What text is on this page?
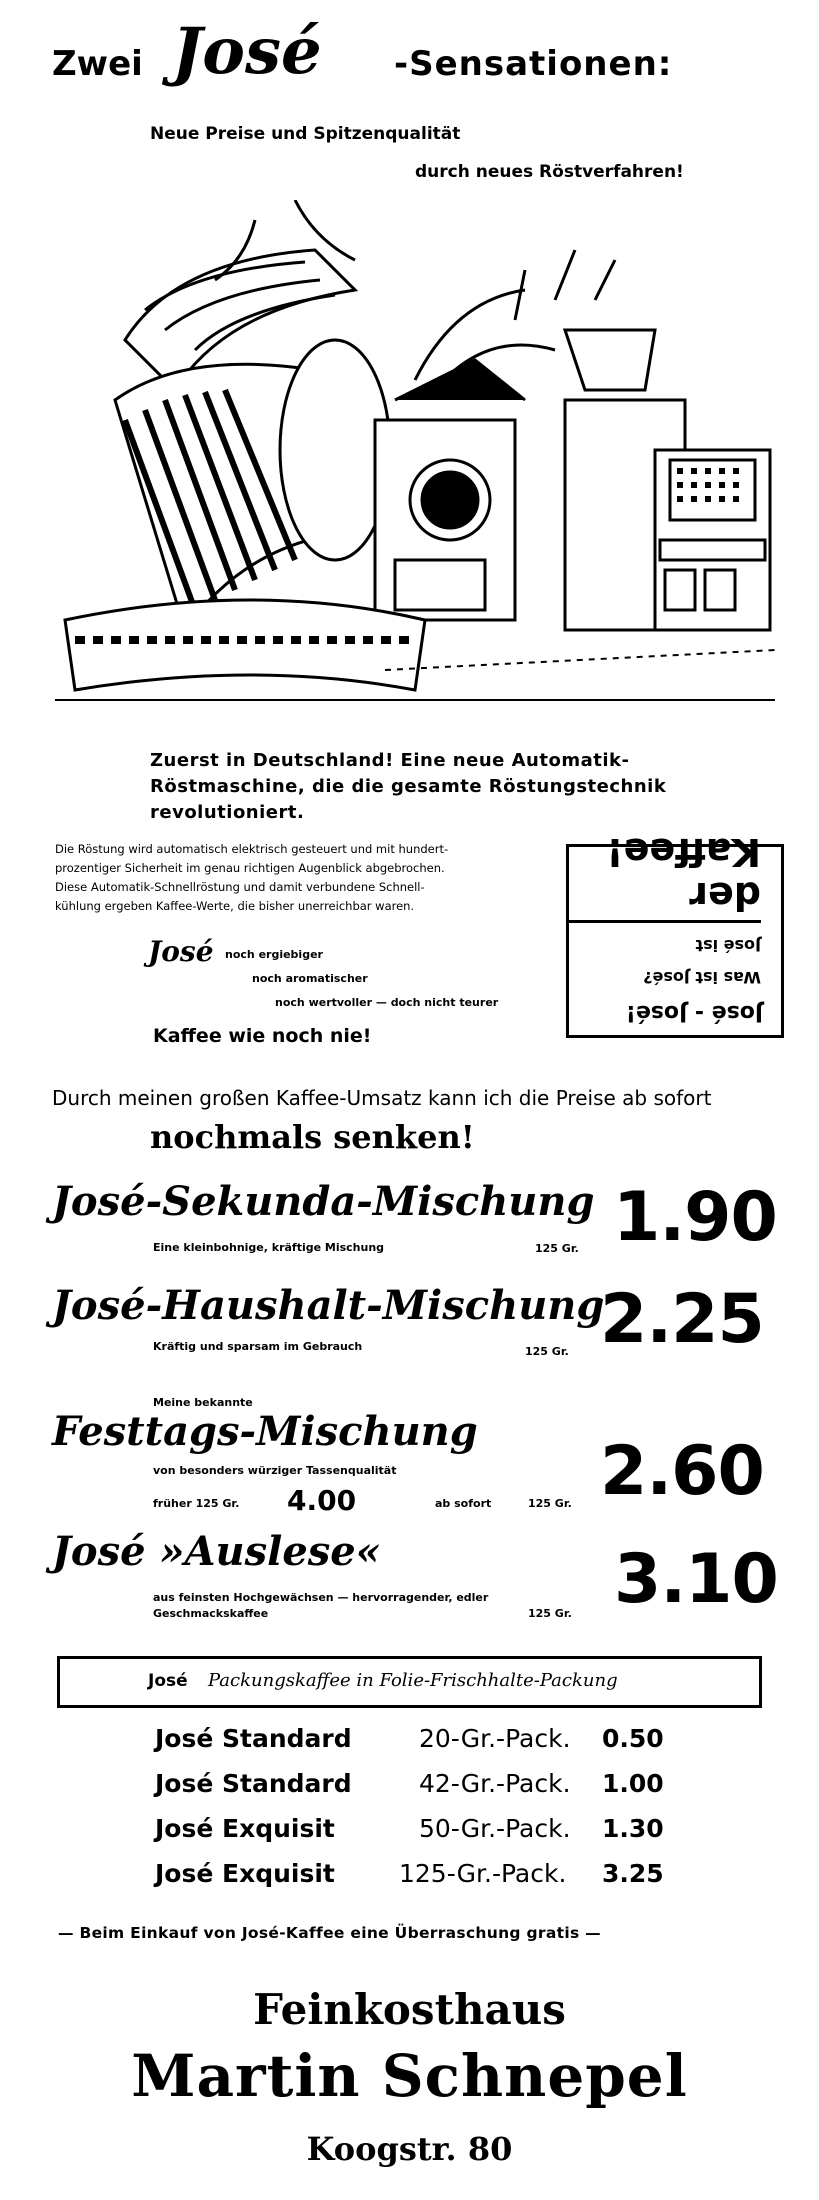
Zwei José -Sensationen:
Neue Preise und Spitzenqualität
durch neues Röstverfahren!
Zuerst in Deutschland! Eine neue Automatik-
Röstmaschine, die die gesamte Röstungstechnik
revolutioniert.
Die Röstung wird automatisch elektrisch gesteuert und mit hundert-
prozentiger Sicherheit im genau richtigen Augenblick abgebrochen.
Diese Automatik-Schnellröstung und damit verbundene Schnell-
kühlung ergeben Kaffee-Werte, die bisher unerreichbar waren.
José noch ergiebiger
noch aromatischer
noch wertvoller — doch nicht teurer
Kaffee wie noch nie!
José - José!
Was ist José?
José ist
der Kaffee!
Durch meinen großen Kaffee-Umsatz kann ich die Preise ab sofort
nochmals senken!
José-Sekunda-Mischung
Eine kleinbohnige, kräftige Mischung	125 Gr. 1.90
José-Haushalt-Mischung
Kräftig und sparsam im Gebrauch	125 Gr. 2.25
Meine bekannte
Festtags-Mischung
von besonders würziger Tassenqualität
früher 125 Gr. 4.00	ab sofort	125 Gr. 2.60
José »Auslese«
aus feinsten Hochgewächsen — hervorragender, edler
Geschmackskaffee	125 Gr. 3.10
José Packungskaffee in Folie-Frischhalte-Packung
José Standard	20-Gr.-Pack. 0.50
José Standard	42-Gr.-Pack. 1.00
José Exquisit	50-Gr.-Pack. 1.30
José Exquisit	125-Gr.-Pack. 3.25
— Beim Einkauf von José-Kaffee eine Überraschung gratis —
Feinkosthaus
Martin Schnepel
Koogstr. 80
